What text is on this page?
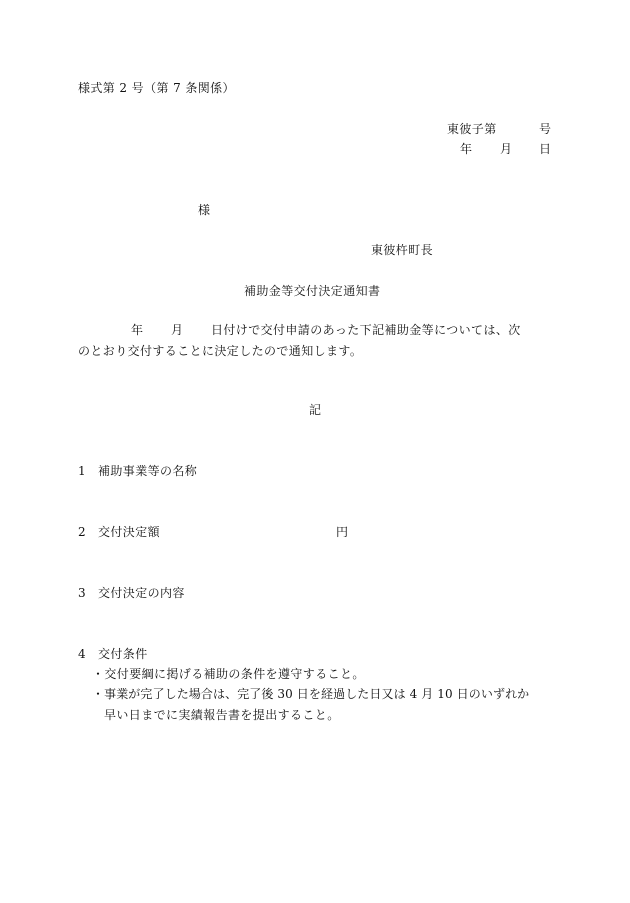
様式第 2 号（第 7 条関係）
東彼子第	号
年 月 日
様
東彼杵町長
補助金等交付決定通知書
年 月 日付けで交付申請のあった下記補助金等については、次
のとおり交付することに決定したので通知します。
記
1 補助事業等の名称
2 交付決定額	円
3 交付決定の内容
4 交付条件
・交付要綱に掲げる補助の条件を遵守すること。
・事業が完了した場合は、完了後 30 日を経過した日又は 4 月 10 日のいずれか
早い日までに実績報告書を提出すること。
